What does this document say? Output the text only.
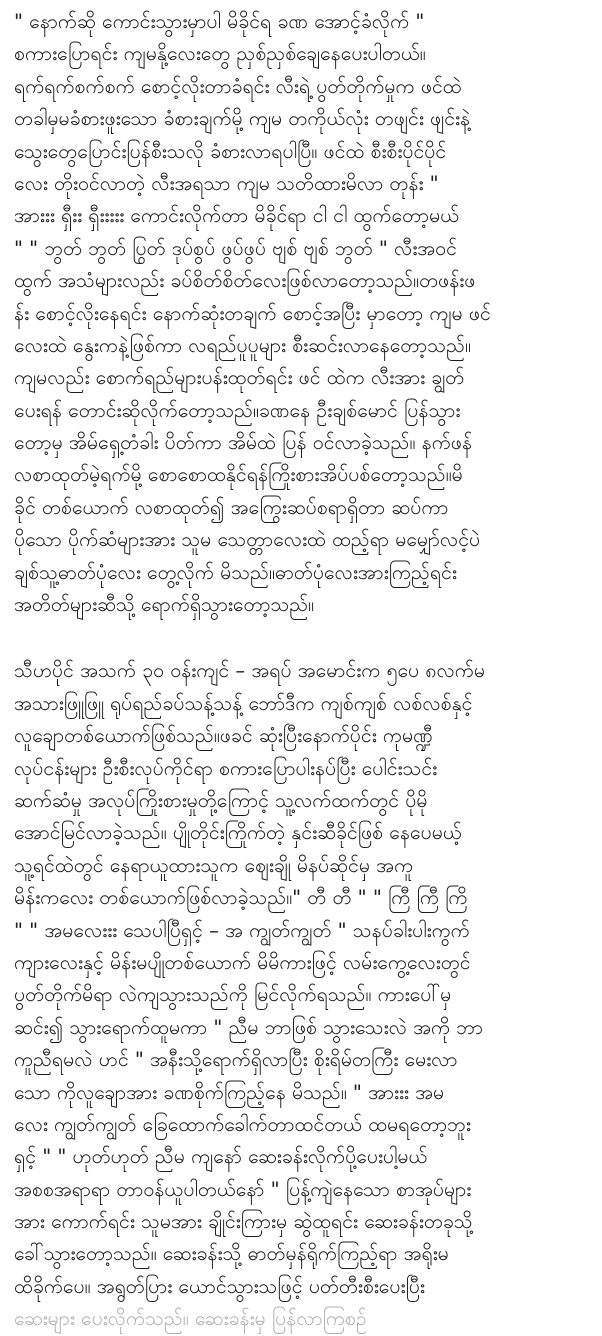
" နောက်ဆို ကောင်းသွားမှာပါ မိခိုင်ရ ခဏ အောင့်ခံလိုက် "
စကားပြောရင်း ကျမနို့လေးတွေ ညှစ်ညှစ်ချေနေပေးပါတယ်။
ရက်ရက်စက်စက် စောင့်လိုးတာခံရင်း လီးရဲ့ ပွတ်တိုက်မှုက ဖင်ထဲ
တခါမှမခံစားဖူးသော ခံစားချက်မို့ ကျမ တကိုယ်လုံး တဖျင်း ဖျင်းနဲ့
သွေးတွေပြောင်းပြန်စီးသလို ခံစားလာရပါပြီ။ ဖင်ထဲ စီးစီးပိုင်ပိုင်
လေး တိုးဝင်လာတဲ့ လီးအရသာ ကျမ သတိထားမိလာ တုန်း "
အားးး ရှီးး ရှီးးးးး ကောင်းလိုက်တာ မိခိုင်ရာ ငါ ငါ ထွက်တော့မယ်
" " ဘွတ် ဘွတ် ပြွတ် ဒုပ်စွပ် ဖွပ်ဖွပ် ဗျစ် ဗျစ် ဘွတ် " လီးအဝင်
ထွက် အသံများလည်း ခပ်စိတ်စိတ်လေးဖြစ်လာတော့သည်။တဖန်းဖ
န်း စောင့်လိုးနေရင်း နောက်ဆုံးတချက် စောင့်အပြီး မှာတော့ ကျမ ဖင်
လေးထဲ နွေးကနဲ့ဖြစ်ကာ လရည်ပူပူများ စီးဆင်းလာနေတော့သည်။
ကျမလည်း စောက်ရည်များပန်းထုတ်ရင်း ဖင် ထဲက လီးအား ချွတ်
ပေးရန် တောင်းဆိုလိုက်တော့သည်။ခဏနေ ဦးချစ်မောင် ပြန်သွား
တော့မှ အိမ်ရှေ့တံခါး ပိတ်ကာ အိမ်ထဲ ပြန် ဝင်လာခဲ့သည်။ နက်ဖန်
လစာထုတ်မဲ့ရက်မို့ စောစောထနိုင်ရန်ကြိုးစားအိပ်ပစ်တော့သည်။မိ
ခိုင် တစ်ယောက် လစာထုတ်၍ အကြွေးဆပ်စရာရှိတာ ဆပ်ကာ
ပိုသော ပိုက်ဆံများအား သူမ သေတ္တာလေးထဲ ထည့်ရာ မမျှော်လင့်ပဲ
ချစ်သူ့ဓာတ်ပုံလေး တွေ့လိုက် မိသည်။ဓာတ်ပုံလေးအားကြည့်ရင်း
အတိတ်များဆီသို့ ရောက်ရှိသွားတော့သည်။
သီဟပိုင် အသက် ၃၀ ဝန်းကျင် – အရပ် အမောင်းက ၅ပေ ၈လက်မ
အသားဖြူဖြူ ရုပ်ရည်ခပ်သန့်သန့် ဘော်ဒီက ကျစ်ကျစ် လစ်လစ်နှင့်
လူချောတစ်ယောက်ဖြစ်သည်။ဖခင် ဆုံးပြီးနောက်ပိုင်း ကုမဏ္ဍီ
လုပ်ငန်းများ ဦးစီးလုပ်ကိုင်ရာ စကားပြောပါးနပ်ပြီး ပေါင်းသင်း
ဆက်ဆံမှု အလုပ်ကြိုးစားမှုတို့ကြောင့် သူ့လက်ထက်တွင် ပိုမို
အောင်မြင်လာခဲ့သည်။ ပျိုတိုင်းကြိုက်တဲ့ နှင်းဆီခိုင်ဖြစ် နေပေမယ့်
သူ့ရင်ထဲတွင် နေရာယူထားသူက ဈေးချို မိနပ်ဆိုင်မှ အကူ
မိန်းကလေး တစ်ယောက်ဖြစ်လာခဲ့သည်။" တီ တီ " " ကြီ ကြီ ကြိ
" " အမလေးးး သေပါပြီရှင့် – အ ကျွတ်ကျွတ် " သနပ်ခါးပါးကွက်
ကျားလေးနှင့် မိန်းမပျိုတစ်ယောက် မိမိကားဖြင့် လမ်းကွေ့လေးတွင်
ပွတ်တိုက်မိရာ လဲကျသွားသည်ကို မြင်လိုက်ရသည်။ ကားပေါ်မှ
ဆင်း၍ သွားရောက်ထူမကာ " ညီမ ဘာဖြစ် သွားသေးလဲ အကို ဘာ
ကူညီရမလဲ ဟင် " အနီးသို့ရောက်ရှိလာပြီး စိုးရိမ်တကြီး မေးလာ
သော ကိုလူချောအား ခဏစိုက်ကြည့်နေ မိသည်။ " အားးး အမ
လေး ကျွတ်ကျွတ် ခြေထောက်ခေါက်တာထင်တယ် ထမရတော့ဘူး
ရှင့် " " ဟုတ်ဟုတ် ညီမ ကျနော် ဆေးခန်းလိုက်ပို့ပေးပါ့မယ်
အစစအရာရာ တာဝန်ယူပါတယ်နော် " ပြန့်ကျဲနေသော စာအုပ်များ
အား ကောက်ရင်း သူမအား ချိုင်းကြားမှ ဆွဲထူရင်း ဆေးခန်းတခုသို့
ခေါ်သွားတော့သည်။ ဆေးခန်းသို့ ဓာတ်မှန်ရိုက်ကြည့်ရာ အရိုးမ
ထိခိုက်ပေ။ အရွတ်ပြား ယောင်သွားသဖြင့် ပတ်တီးစီးပေးပြီး
ဆေးများ ပေးလိုက်သည်။ ဆေးခန်းမှ ပြန်လာကြစဉ်
